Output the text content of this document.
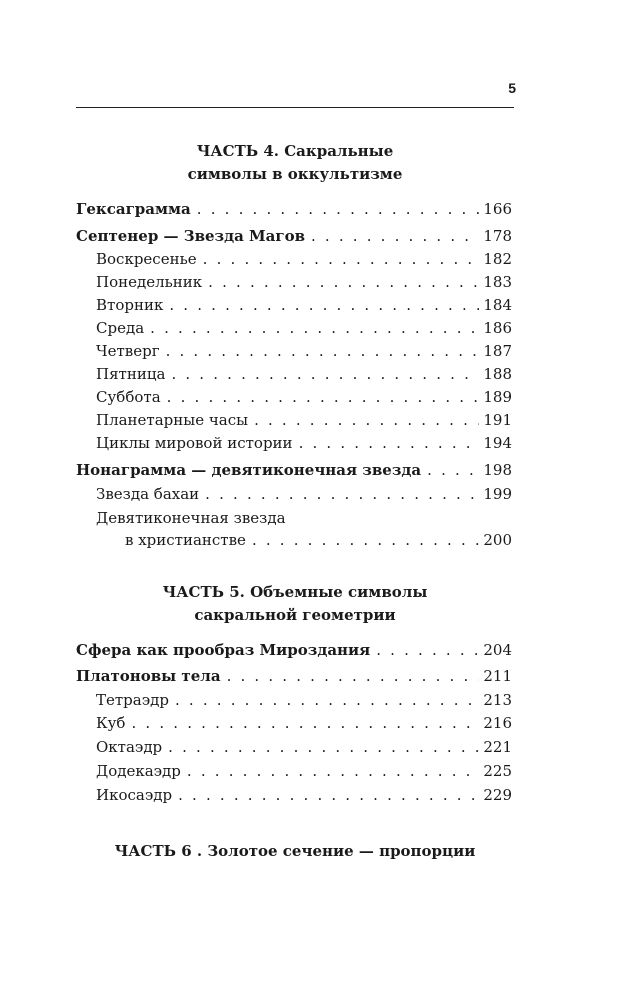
5
ЧАСТЬ 4. Сакральные
символы в оккультизме
Гексаграмма . . .	166
Септенер — Звезда Магов . . .	178
Воскресенье . . .	182
Понедельник . . .	183
Вторник . . .	184
Среда . . .	186
Четверг . . .	187
Пятница . . .	188
Суббота . . .	189
Планетарные часы . . .	191
Циклы мировой истории . . .	194
Нонаграмма — девятиконечная звезда . . .	198
Звезда бахаи . . .	199
Девятиконечная звезда
в христианстве . . .	200
ЧАСТЬ 5. Объемные символы
сакральной геометрии
Сфера как прообраз Мироздания . . .	204
Платоновы тела . . .	211
Тетраэдр . . .	213
Куб . . .	216
Октаэдр . . .	221
Додекаэдр . . .	225
Икосаэдр . . .	229
ЧАСТЬ 6 . Золотое сечение — пропорции
